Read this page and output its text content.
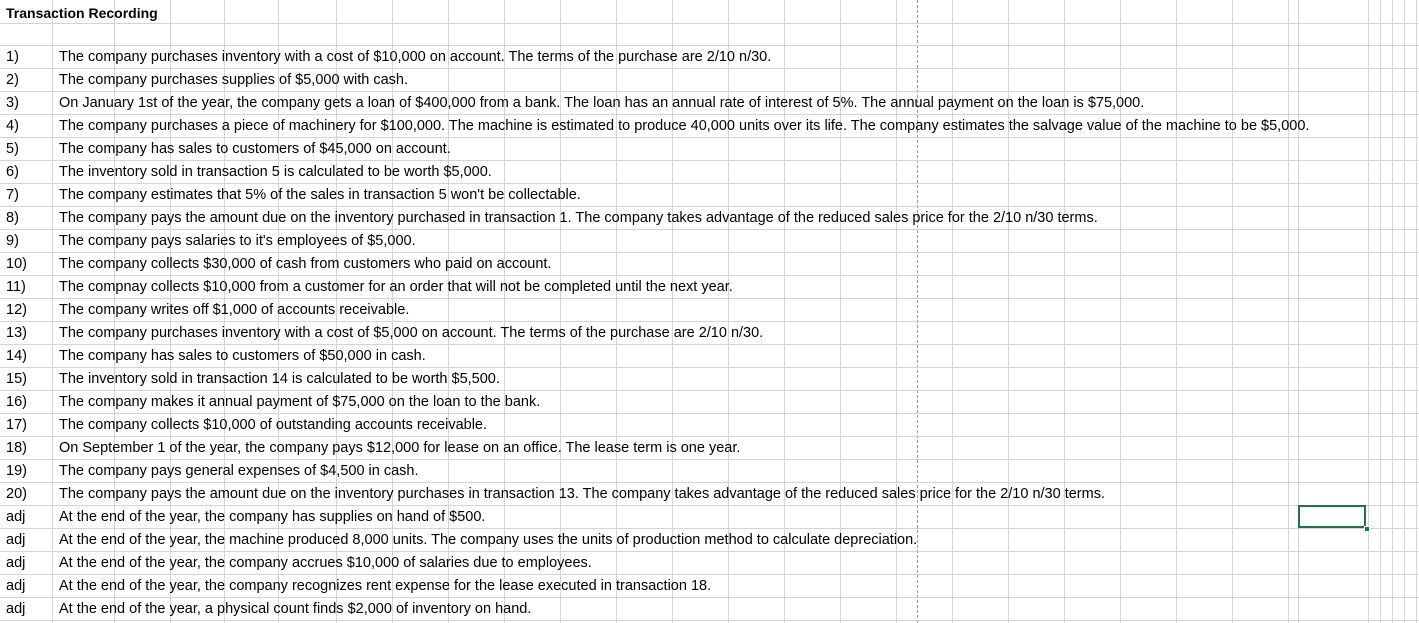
Transaction Recording
1)	The company purchases inventory with a cost of $10,000 on account. The terms of the purchase are 2/10 n/30.
2)	The company purchases supplies of $5,000 with cash.
3)	On January 1st of the year, the company gets a loan of $400,000 from a bank. The loan has an annual rate of interest of 5%. The annual payment on the loan is $75,000.
4)	The company purchases a piece of machinery for $100,000. The machine is estimated to produce 40,000 units over its life. The company estimates the salvage value of the machine to be $5,000.
5)	The company has sales to customers of $45,000 on account.
6)	The inventory sold in transaction 5 is calculated to be worth $5,000.
7)	The company estimates that 5% of the sales in transaction 5 won't be collectable.
8)	The company pays the amount due on the inventory purchased in transaction 1. The company takes advantage of the reduced sales price for the 2/10 n/30 terms.
9)	The company pays salaries to it's employees of $5,000.
10) The company collects $30,000 of cash from customers who paid on account.
11) The compnay collects $10,000 from a customer for an order that will not be completed until the next year.
12) The company writes off $1,000 of accounts receivable.
13) The company purchases inventory with a cost of $5,000 on account. The terms of the purchase are 2/10 n/30.
14) The company has sales to customers of $50,000 in cash.
15) The inventory sold in transaction 14 is calculated to be worth $5,500.
16) The company makes it annual payment of $75,000 on the loan to the bank.
17) The company collects $10,000 of outstanding accounts receivable.
18) On September 1 of the year, the company pays $12,000 for lease on an office. The lease term is one year.
19) The company pays general expenses of $4,500 in cash.
20) The company pays the amount due on the inventory purchases in transaction 13. The company takes advantage of the reduced sales price for the 2/10 n/30 terms.
adj At the end of the year, the company has supplies on hand of $500.
adj At the end of the year, the machine produced 8,000 units. The company uses the units of production method to calculate depreciation.
adj At the end of the year, the company accrues $10,000 of salaries due to employees.
adj At the end of the year, the company recognizes rent expense for the lease executed in transaction 18.
adj At the end of the year, a physical count finds $2,000 of inventory on hand.
